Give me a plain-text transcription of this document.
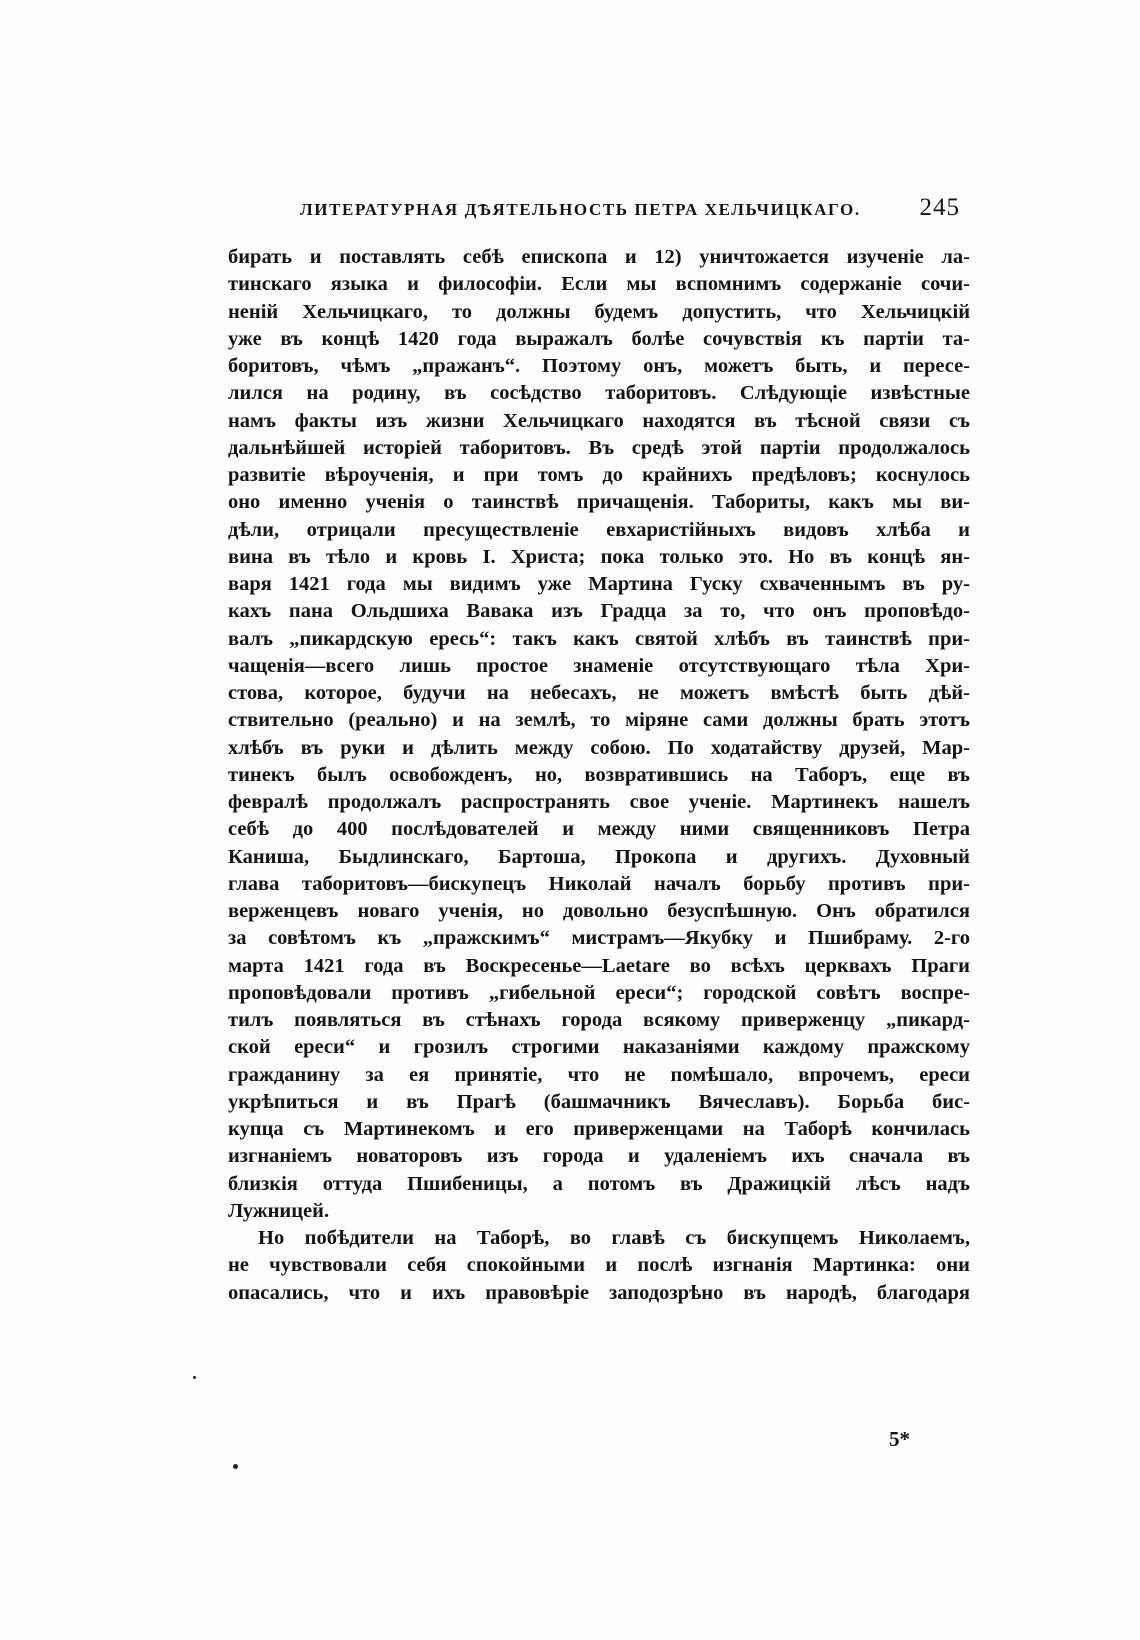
ЛИТЕРАТУРНАЯ ДѢЯТЕЛЬНОСТЬ ПЕТРА ХЕЛЬЧИЦКАГО. 245
бирать и поставлять себѣ епископа и 12) уничтожается изученіе ла-
тинскаго языка и философіи. Если мы вспомнимъ содержаніе сочи-
неній Хельчицкаго, то должны будемъ допустить, что Хельчицкій
уже въ концѣ 1420 года выражалъ болѣе сочувствія къ партіи та-
боритовъ, чѣмъ „пражанъ“. Поэтому онъ, можетъ быть, и пересе-
лился на родину, въ сосѣдство таборитовъ. Слѣдующіе извѣстные
намъ факты изъ жизни Хельчицкаго находятся въ тѣсной связи съ
дальнѣйшей исторіей таборитовъ. Въ средѣ этой партіи продолжалось
развитіе вѣроученія, и при томъ до крайнихъ предѣловъ; коснулось
оно именно ученія о таинствѣ причащенія. Табориты, какъ мы ви-
дѣли, отрицали пресуществленіе евхаристійныхъ видовъ хлѣба и
вина въ тѣло и кровь І. Христа; пока только это. Но въ концѣ ян-
варя 1421 года мы видимъ уже Мартина Гуску схваченнымъ въ ру-
кахъ пана Ольдшиха Вавака изъ Градца за то, что онъ проповѣдо-
валъ „пикардскую ересь“: такъ какъ святой хлѣбъ въ таинствѣ при-
чащенія—всего лишь простое знаменіе отсутствующаго тѣла Хри-
стова, которое, будучи на небесахъ, не можетъ вмѣстѣ быть дѣй-
ствительно (реально) и на землѣ, то міряне сами должны брать этотъ
хлѣбъ въ руки и дѣлить между собою. По ходатайству друзей, Мар-
тинекъ былъ освобожденъ, но, возвратившись на Таборъ, еще въ
февралѣ продолжалъ распространять свое ученіе. Мартинекъ нашелъ
себѣ до 400 послѣдователей и между ними священниковъ Петра
Каниша, Быдлинскаго, Бартоша, Прокопа и другихъ. Духовный
глава таборитовъ—бискупецъ Николай началъ борьбу противъ при-
верженцевъ новаго ученія, но довольно безуспѣшную. Онъ обратился
за совѣтомъ къ „пражскимъ“ мистрамъ—Якубку и Пшибраму. 2-го
марта 1421 года въ Воскресенье—Laetare во всѣхъ церквахъ Праги
проповѣдовали противъ „гибельной ереси“; городской совѣтъ воспре-
тилъ появляться въ стѣнахъ города всякому приверженцу „пикард-
ской ереси“ и грозилъ строгими наказаніями каждому пражскому
гражданину за ея принятіе, что не помѣшало, впрочемъ, ереси
укрѣпиться и въ Прагѣ (башмачникъ Вячеславъ). Борьба бис-
купца съ Мартинекомъ и его приверженцами на Таборѣ кончилась
изгнаніемъ новаторовъ изъ города и удаленіемъ ихъ сначала въ
близкія оттуда Пшибеницы, а потомъ въ Дражицкій лѣсъ надъ
Лужницей.
Но побѣдители на Таборѣ, во главѣ съ бискупцемъ Николаемъ,
не чувствовали себя спокойными и послѣ изгнанія Мартинка: они
опасались, что и ихъ правовѣріе заподозрѣно въ народѣ, благодаря
5*
